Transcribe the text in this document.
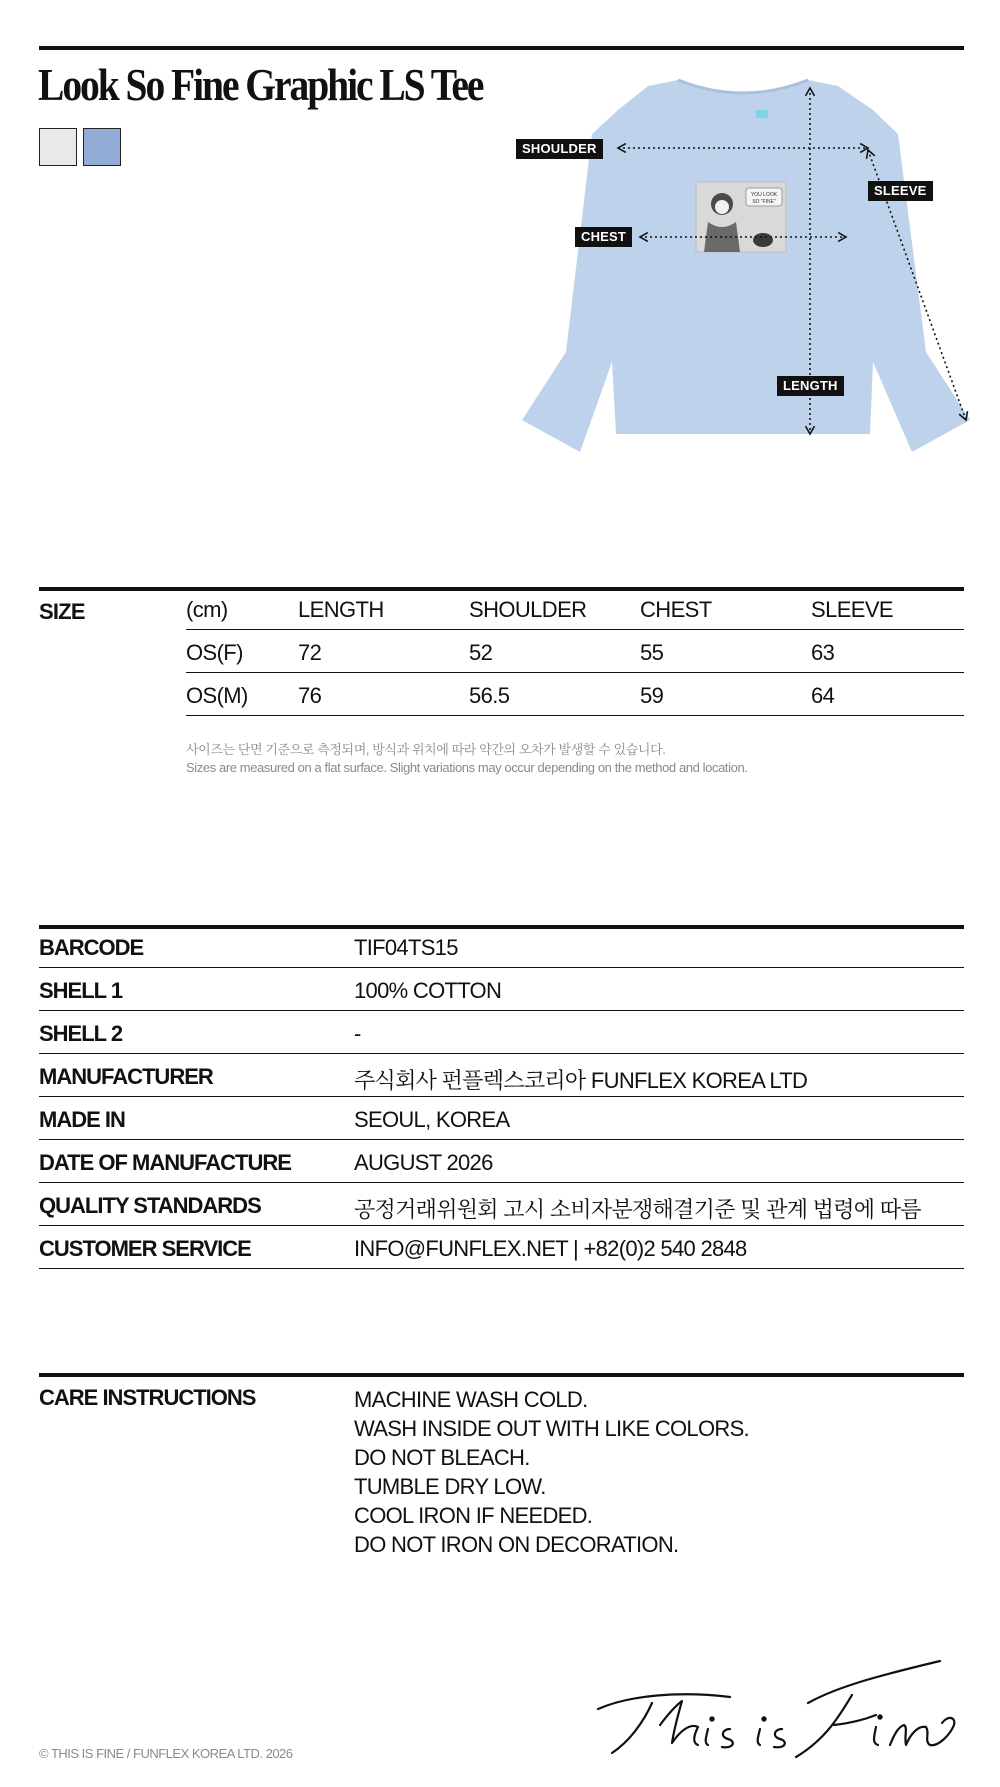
Look So Fine Graphic LS Tee
YOU LOOK
SO "FINE"
SHOULDER
SLEEVE
CHEST
LENGTH
SIZE	(cm)	LENGTH	SHOULDER CHEST	SLEEVE
OS(F)	72	52	55	63
OS(M) 76	56.5	59	64
사이즈는 단면 기준으로 측정되며, 방식과 위치에 따라 약간의 오차가 발생할 수 있습니다.
Sizes are measured on a flat surface. Slight variations may occur depending on the method and location.
BARCODE	TIF04TS15
SHELL 1	100% COTTON
SHELL 2	-
MANUFACTURER	주식회사 펀플렉스코리아 FUNFLEX KOREA LTD
MADE IN	SEOUL, KOREA
DATE OF MANUFACTURE	AUGUST 2026
QUALITY STANDARDS	공정거래위원회 고시 소비자분쟁해결기준 및 관계 법령에 따름
CUSTOMER SERVICE	INFO@FUNFLEX.NET | +82(0)2 540 2848
CARE INSTRUCTIONS	MACHINE WASH COLD.
WASH INSIDE OUT WITH LIKE COLORS.
DO NOT BLEACH.
TUMBLE DRY LOW.
COOL IRON IF NEEDED.
DO NOT IRON ON DECORATION.
© THIS IS FINE / FUNFLEX KOREA LTD. 2026
